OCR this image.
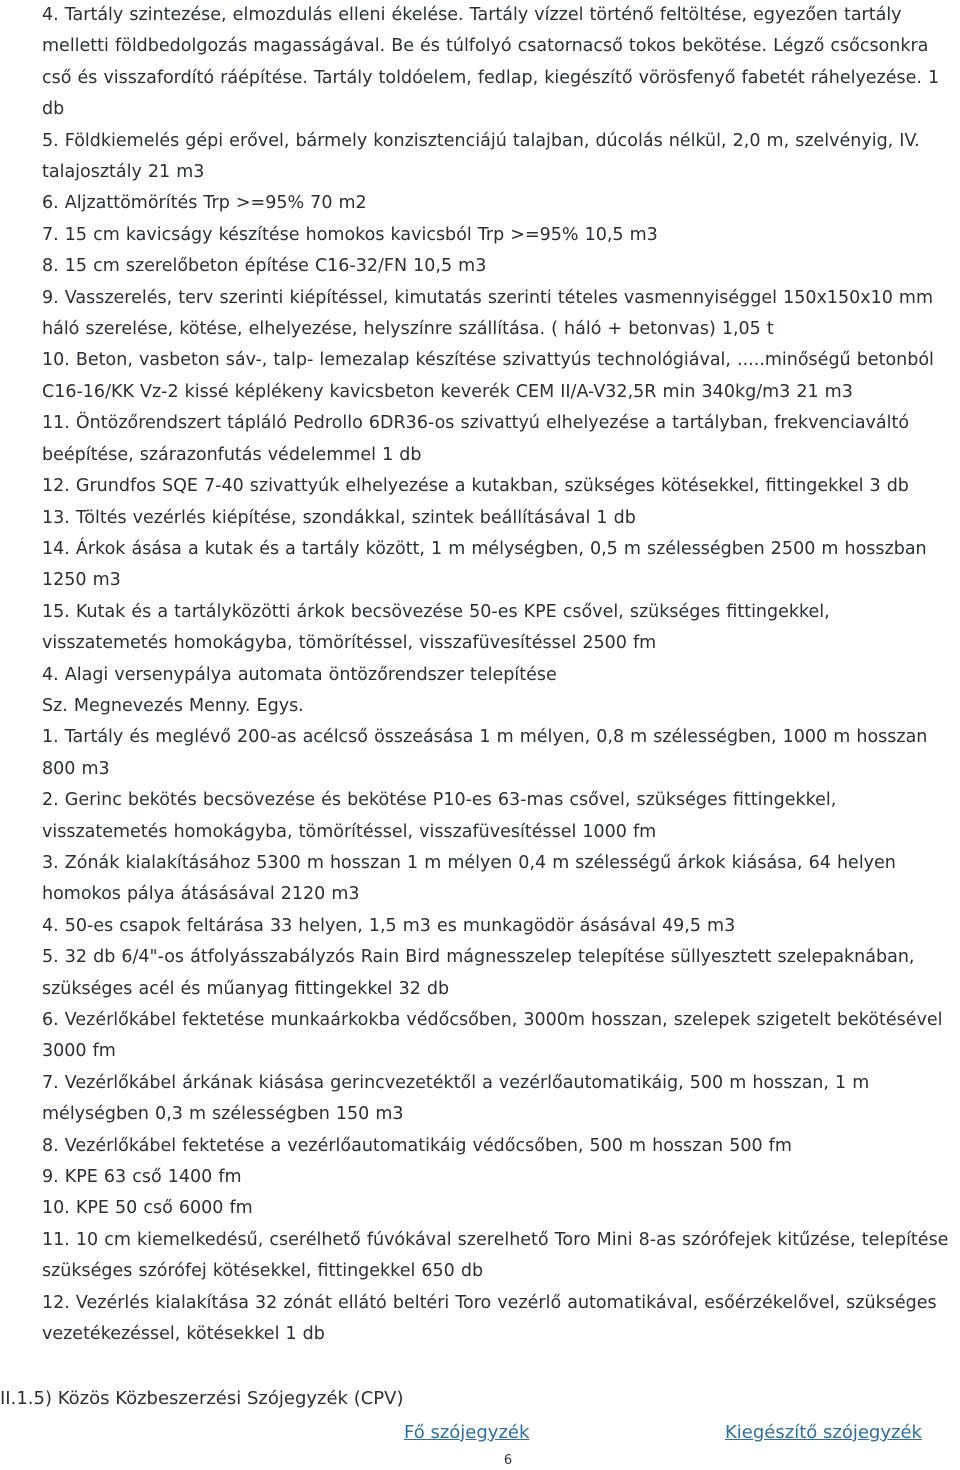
4. Tartály szintezése, elmozdulás elleni ékelése. Tartály vízzel történő feltöltése, egyezően tartály melletti földbedolgozás magasságával. Be és túlfolyó csatornacső tokos bekötése. Légző csőcsonkra cső és visszafordító ráépítése. Tartály toldóelem, fedlap, kiegészítő vörösfenyő fabetét ráhelyezése. 1 db

5. Földkiemelés gépi erővel, bármely konzisztenciájú talajban, dúcolás nélkül, 2,0 m, szelvényig, IV. talajosztály 21 m3

6. Aljzattömörítés Trp >=95% 70 m2

7. 15 cm kavicságy készítése homokos kavicsból Trp >=95% 10,5 m3

8. 15 cm szerelőbeton építése C16-32/FN 10,5 m3

9. Vasszerelés, terv szerinti kiépítéssel, kimutatás szerinti tételes vasmennyiséggel 150x150x10 mm háló szerelése, kötése, elhelyezése, helyszínre szállítása. ( háló + betonvas) 1,05 t

10. Beton, vasbeton sáv-, talp- lemezalap készítése szivattyús technológiával, .....minőségű betonból C16-16/KK Vz-2 kissé képlékeny kavicsbeton keverék CEM II/A-V32,5R min 340kg/m3 21 m3

11. Öntözőrendszert tápláló Pedrollo 6DR36-os szivattyú elhelyezése a tartályban, frekvenciaváltó beépítése, szárazonfutás védelemmel 1 db

12. Grundfos SQE 7-40 szivattyúk elhelyezése a kutakban, szükséges kötésekkel, fittingekkel 3 db

13. Töltés vezérlés kiépítése, szondákkal, szintek beállításával 1 db

14. Árkok ásása a kutak és a tartály között, 1 m mélységben, 0,5 m szélességben 2500 m hosszban 1250 m3

15. Kutak és a tartályközötti árkok becsövezése 50-es KPE csővel, szükséges fittingekkel, visszatemetés homokágyba, tömörítéssel, visszafüvesítéssel 2500 fm

4. Alagi versenypálya automata öntözőrendszer telepítése

Sz. Megnevezés Menny. Egys.

1. Tartály és meglévő 200-as acélcső összeásása 1 m mélyen, 0,8 m szélességben, 1000 m hosszan 800 m3

2. Gerinc bekötés becsövezése és bekötése P10-es 63-mas csővel, szükséges fittingekkel, visszatemetés homokágyba, tömörítéssel, visszafüvesítéssel 1000 fm

3. Zónák kialakításához 5300 m hosszan 1 m mélyen 0,4 m szélességű árkok kiásása, 64 helyen homokos pálya átásásával 2120 m3

4. 50-es csapok feltárása 33 helyen, 1,5 m3 es munkagödör ásásával 49,5 m3

5. 32 db 6/4"-os átfolyásszabályzós Rain Bird mágnesszelep telepítése süllyesztett szelepaknában, szükséges acél és műanyag fittingekkel 32 db

6. Vezérlőkábel fektetése munkaárkokba védőcsőben, 3000m hosszan, szelepek szigetelt bekötésével 3000 fm

7. Vezérlőkábel árkának kiásása gerincvezetéktől a vezérlőautomatikáig, 500 m hosszan, 1 m mélységben 0,3 m szélességben 150 m3

8. Vezérlőkábel fektetése a vezérlőautomatikáig védőcsőben, 500 m hosszan 500 fm

9. KPE 63 cső 1400 fm

10. KPE 50 cső 6000 fm

11. 10 cm kiemelkedésű, cserélhető fúvókával szerelhető Toro Mini 8-as szórófejek kitűzése, telepítése szükséges szórófej kötésekkel, fittingekkel 650 db

12. Vezérlés kialakítása 32 zónát ellátó beltéri Toro vezérlő automatikával, esőérzékelővel, szükséges vezetékezéssel, kötésekkel 1 db

II.1.5) Közös Közbeszerzési Szójegyzék (CPV)
Fő szójegyzék	Kiegészítő szójegyzék
6
